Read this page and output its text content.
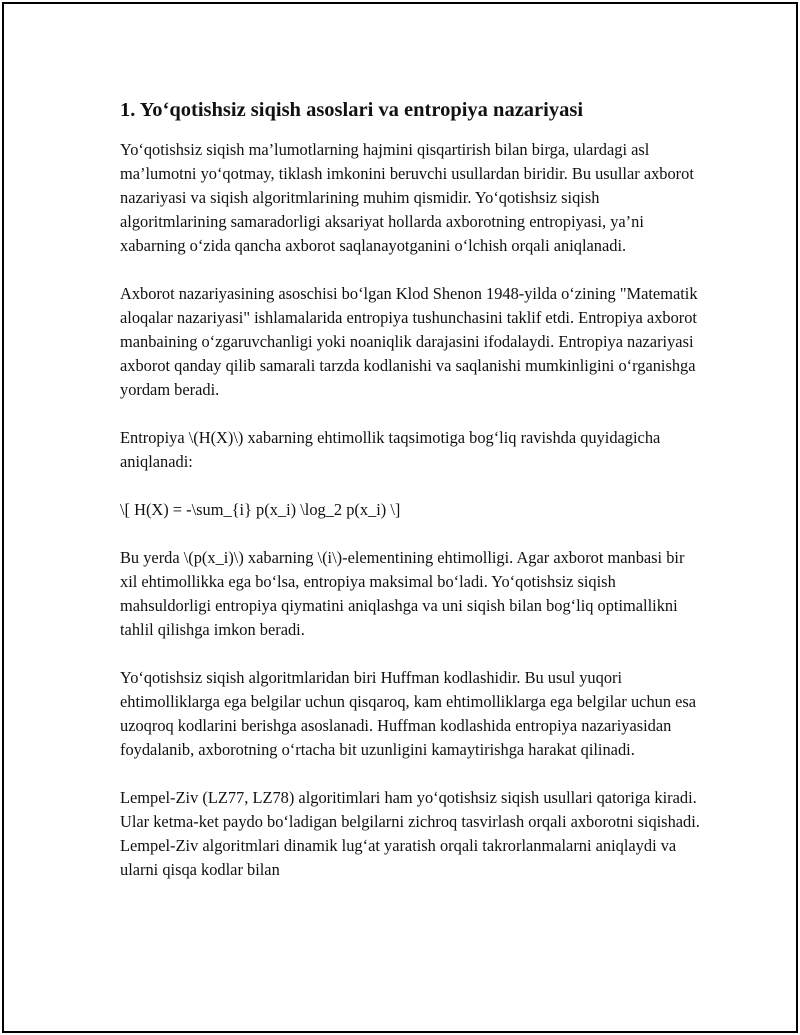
1. Yo‘qotishsiz siqish asoslari va entropiya nazariyasi

Yo‘qotishsiz siqish ma’lumotlarning hajmini qisqartirish bilan birga, ulardagi asl ma’lumotni yo‘qotmay, tiklash imkonini beruvchi usullardan biridir. Bu usullar axborot nazariyasi va siqish algoritmlarining muhim qismidir. Yo‘qotishsiz siqish algoritmlarining samaradorligi aksariyat hollarda axborotning entropiyasi, ya’ni xabarning o‘zida qancha axborot saqlanayotganini o‘lchish orqali aniqlanadi.

Axborot nazariyasining asoschisi bo‘lgan Klod Shenon 1948-yilda o‘zining "Matematik aloqalar nazariyasi" ishlamalarida entropiya tushunchasini taklif etdi. Entropiya axborot manbaining o‘zgaruvchanligi yoki noaniqlik darajasini ifodalaydi. Entropiya nazariyasi axborot qanday qilib samarali tarzda kodlanishi va saqlanishi mumkinligini o‘rganishga yordam beradi.

Entropiya \(H(X)\) xabarning ehtimollik taqsimotiga bog‘liq ravishda quyidagicha aniqlanadi:

\[ H(X) = -\sum_{i} p(x_i) \log_2 p(x_i) \]

Bu yerda \(p(x_i)\) xabarning \(i\)-elementining ehtimolligi. Agar axborot manbasi bir xil ehtimollikka ega bo‘lsa, entropiya maksimal bo‘ladi. Yo‘qotishsiz siqish mahsuldorligi entropiya qiymatini aniqlashga va uni siqish bilan bog‘liq optimallikni tahlil qilishga imkon beradi.

Yo‘qotishsiz siqish algoritmlaridan biri Huffman kodlashidir. Bu usul yuqori ehtimolliklarga ega belgilar uchun qisqaroq, kam ehtimolliklarga ega belgilar uchun esa uzoqroq kodlarini berishga asoslanadi. Huffman kodlashida entropiya nazariyasidan foydalanib, axborotning o‘rtacha bit uzunligini kamaytirishga harakat qilinadi.

Lempel-Ziv (LZ77, LZ78) algoritimlari ham yo‘qotishsiz siqish usullari qatoriga kiradi. Ular ketma-ket paydo bo‘ladigan belgilarni zichroq tasvirlash orqali axborotni siqishadi. Lempel-Ziv algoritmlari dinamik lug‘at yaratish orqali takrorlanmalarni aniqlaydi va ularni qisqa kodlar bilan
